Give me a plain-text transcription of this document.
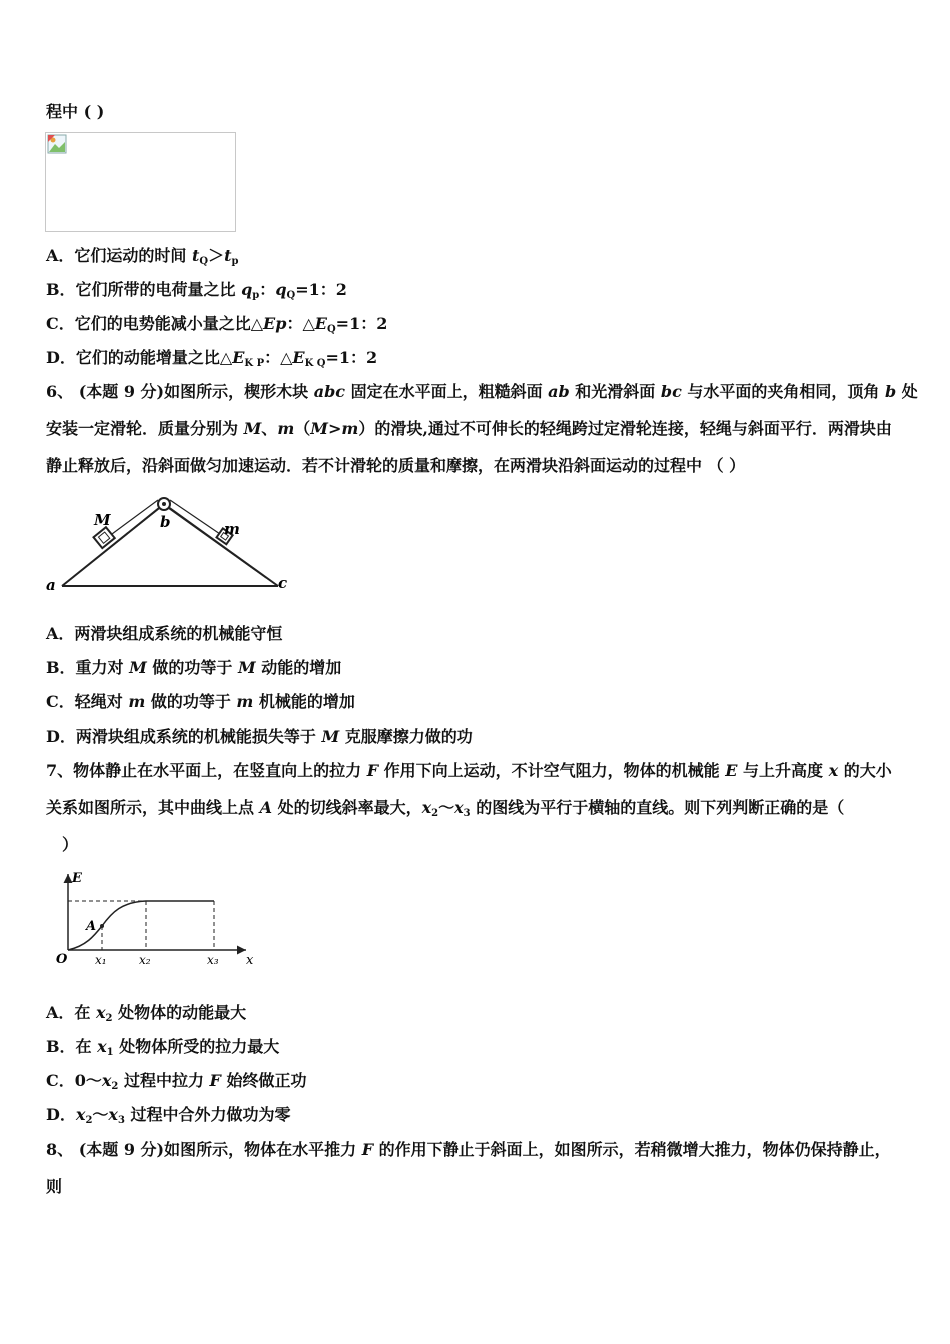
程中 ( )
A．它们运动的时间 $t_Q>t_p$
B．它们所带的电荷量之比 $q_p$：$q_Q=1$：2
C．它们的电势能减小量之比△Ep：$\triangle E_Q=1$：2
D．它们的动能增量之比$\triangle E_{K P}$：$\triangle E_{K Q}=1$：2
6、 (本题 9 分)如图所示，楔形木块 abc 固定在水平面上，粗糙斜面 ab 和光滑斜面 bc 与水平面的夹角相同，顶角 b 处
安装一定滑轮．质量分别为 M、m（M>m）的滑块,通过不可伸长的轻绳跨过定滑轮连接，轻绳与斜面平行．两滑块由
静止释放后，沿斜面做匀加速运动．若不计滑轮的质量和摩擦，在两滑块沿斜面运动的过程中 （ ）
M	m
b
a	c
A．两滑块组成系统的机械能守恒
B．重力对 M 做的功等于 M 动能的增加
C．轻绳对 m 做的功等于 m 机械能的增加
D．两滑块组成系统的机械能损失等于 M 克服摩擦力做的功
7、物体静止在水平面上，在竖直向上的拉力 F 作用下向上运动，不计空气阻力，物体的机械能 E 与上升高度 x 的大小
关系如图所示，其中曲线上点 A 处的切线斜率最大，$x_2\sim x_3$ 的图线为平行于横轴的直线。则下列判断正确的是（
）
E
x
O
A
x₁	x₂	x₃
A．在 $x_2$ 处物体的动能最大
B．在 $x_1$ 处物体所受的拉力最大
C．$0\sim x_2$ 过程中拉力 F 始终做正功
D．$x_2\sim x_3$ 过程中合外力做功为零
8、 (本题 9 分)如图所示，物体在水平推力 F 的作用下静止于斜面上，如图所示，若稍微增大推力，物体仍保持静止，
则
